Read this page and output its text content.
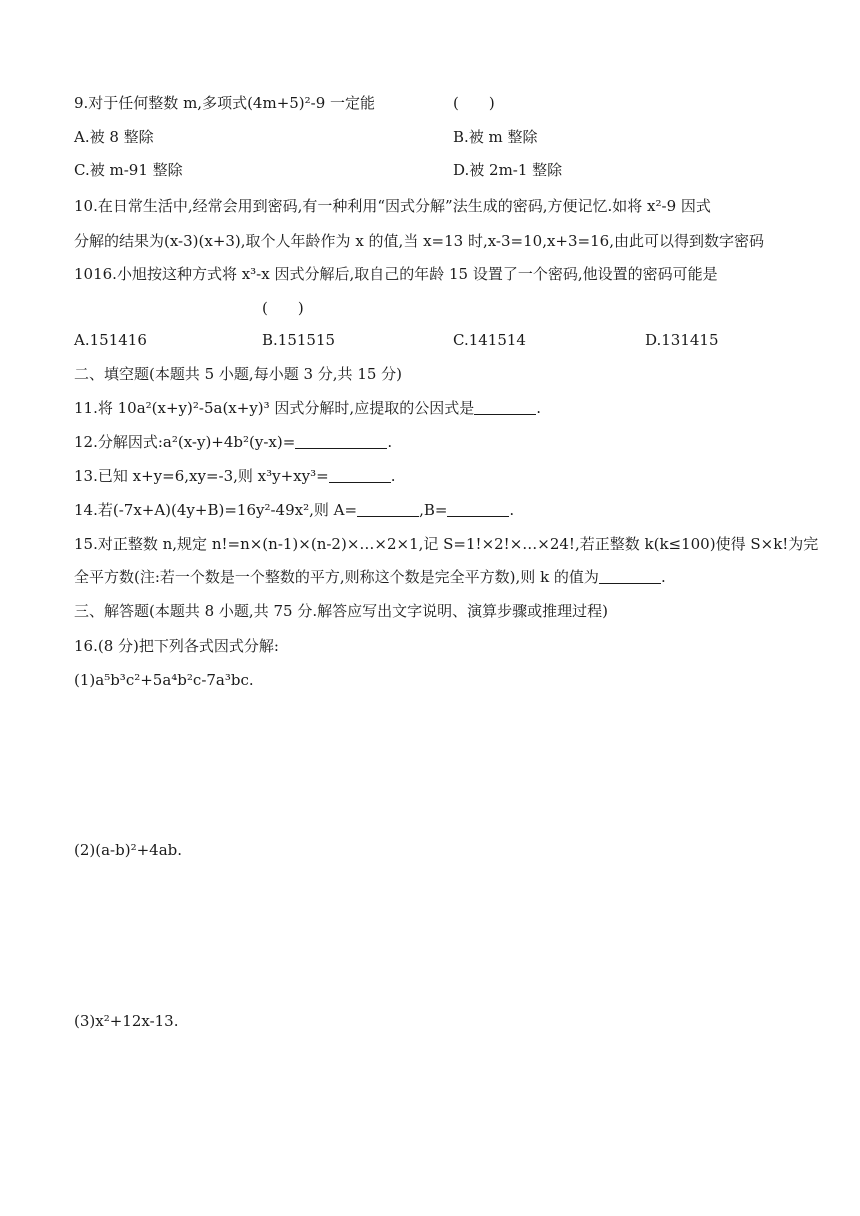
9.对于任何整数 m,多项式(4m+5)²-9 一定能	(　　)
A.被 8 整除	B.被 m 整除
C.被 m-91 整除	D.被 2m-1 整除
10.在日常生活中,经常会用到密码,有一种利用“因式分解”法生成的密码,方便记忆.如将 x²-9 因式
分解的结果为(x-3)(x+3),取个人年龄作为 x 的值,当 x=13 时,x-3=10,x+3=16,由此可以得到数字密码
1016.小旭按这种方式将 x³-x 因式分解后,取自己的年龄 15 设置了一个密码,他设置的密码可能是
(　　)
A.151416	B.151515	C.141514	D.131415
二、填空题(本题共 5 小题,每小题 3 分,共 15 分)
11.将 10a²(x+y)²-5a(x+y)³ 因式分解时,应提取的公因式是	.
12.分解因式:a²(x-y)+4b²(y-x)=	.
13.已知 x+y=6,xy=-3,则 x³y+xy³=	.
14.若(-7x+A)(4y+B)=16y²-49x²,则 A=	,B=	.
15.对正整数 n,规定 n!=n×(n-1)×(n-2)×…×2×1,记 S=1!×2!×…×24!,若正整数 k(k≤100)使得 S×k!为完
全平方数(注:若一个数是一个整数的平方,则称这个数是完全平方数),则 k 的值为	.
三、解答题(本题共 8 小题,共 75 分.解答应写出文字说明、演算步骤或推理过程)
16.(8 分)把下列各式因式分解:
(1)a⁵b³c²+5a⁴b²c-7a³bc.
(2)(a-b)²+4ab.
(3)x²+12x-13.
